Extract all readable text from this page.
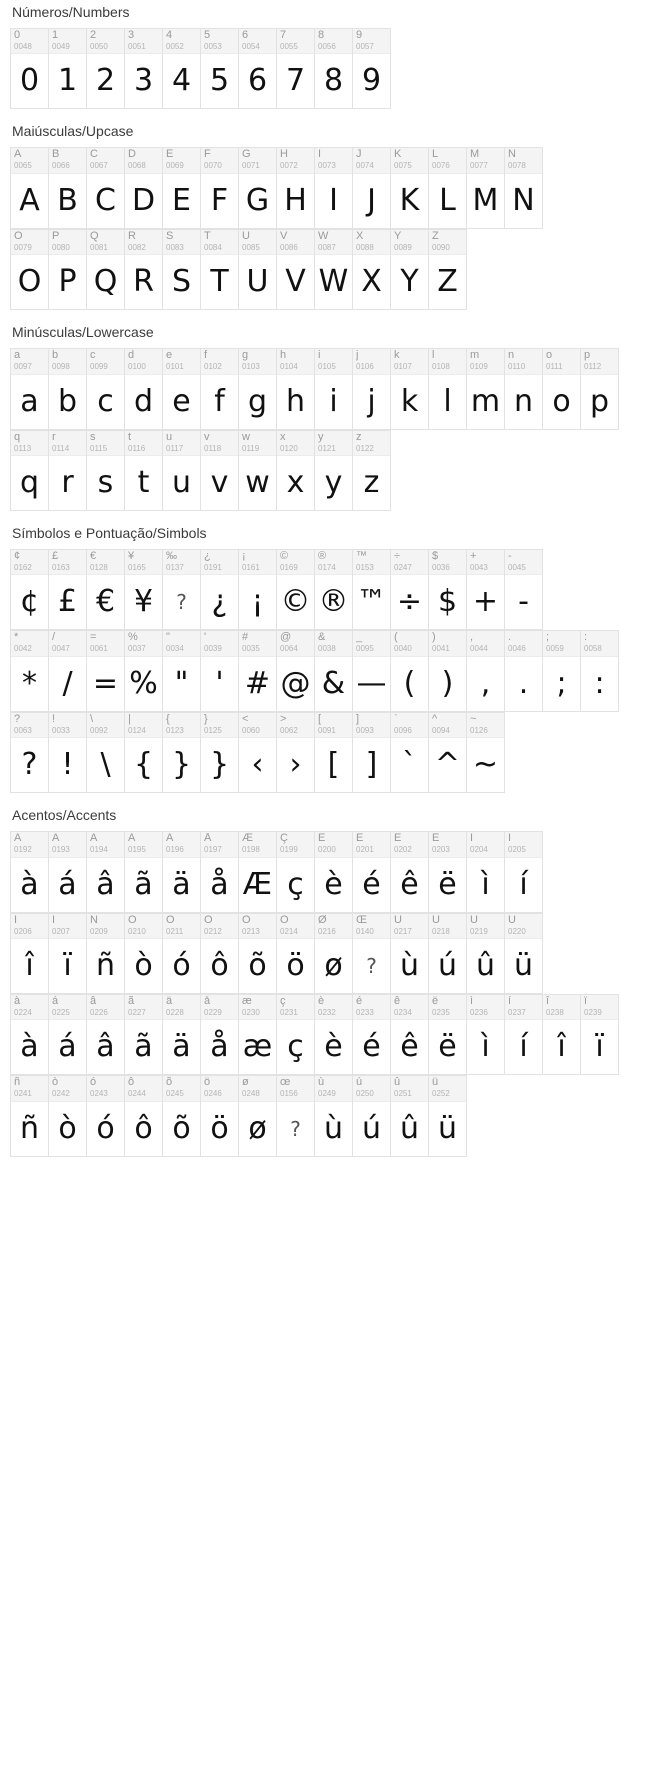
Números/Numbers
0
0048
0
1
0049
1
2
0050
2
3
0051
3
4
0052
4
5
0053
5
6
0054
6
7
0055
7
8
0056
8
9
0057
9
Maiúsculas/Upcase
A
0065
A
B
0066
B
C
0067
C
D
0068
D
E
0069
E
F
0070
F
G
0071
G
H
0072
H
I
0073
I
J
0074
J
K
0075
K
L
0076
L
M
0077
M
N
0078
N
O
0079
O
P
0080
P
Q
0081
Q
R
0082
R
S
0083
S
T
0084
T
U
0085
U
V
0086
V
W
0087
W
X
0088
X
Y
0089
Y
Z
0090
Z
Minúsculas/Lowercase
a
0097
a
b
0098
b
c
0099
c
d
0100
d
e
0101
e
f
0102
f
g
0103
g
h
0104
h
i
0105
i
j
0106
j
k
0107
k
l
0108
l
m
0109
m
n
0110
n
o
0111
o
p
0112
p
q
0113
q
r
0114
r
s
0115
s
t
0116
t
u
0117
u
v
0118
v
w
0119
w
x
0120
x
y
0121
y
z
0122
z
Símbolos e Pontuação/Simbols
¢
0162
¢
£
0163
£
€
0128
€
¥
0165
¥
‰
0137
?
¿
0191
¿
¡
0161
¡
©
0169
©
®
0174
®
™
0153
™
÷
0247
÷
$
0036
$
+
0043
+
-
0045
-
*
0042
*
/
0047
/
=
0061
=
%
0037
%
"
0034
"
'
0039
'
#
0035
#
@
0064
@
&
0038
&
_
0095
—
(
0040
(
)
0041
)
,
0044
,
.
0046
.
;
0059
;
:
0058
:
?
0063
?
!
0033
!
\
0092
\
|
0124
{
{
0123
}
}
0125
}
<
0060
‹
>
0062
›
[
0091
[
]
0093
]
`
0096
`
^
0094
^
~
0126
~
Acentos/Accents
À
0192
à
Á
0193
á
Â
0194
â
Ã
0195
ã
Ä
0196
ä
Å
0197
å
Æ
0198
Æ
Ç
0199
ç
È
0200
è
É
0201
é
Ê
0202
ê
Ë
0203
ë
Ì
0204
ì
Í
0205
í
Î
0206
î
Ï
0207
ï
Ñ
0209
ñ
Ò
0210
ò
Ó
0211
ó
Ô
0212
ô
Õ
0213
õ
Ö
0214
ö
Ø
0216
ø
Œ
0140
?
Ù
0217
ù
Ú
0218
ú
Û
0219
û
Ü
0220
ü
à
0224
à
á
0225
á
â
0226
â
ã
0227
ã
ä
0228
ä
å
0229
å
æ
0230
æ
ç
0231
ç
è
0232
è
é
0233
é
ê
0234
ê
ë
0235
ë
ì
0236
ì
í
0237
í
î
0238
î
ï
0239
ï
ñ
0241
ñ
ò
0242
ò
ó
0243
ó
ô
0244
ô
õ
0245
õ
ö
0246
ö
ø
0248
ø
œ
0156
?
ù
0249
ù
ú
0250
ú
û
0251
û
ü
0252
ü
